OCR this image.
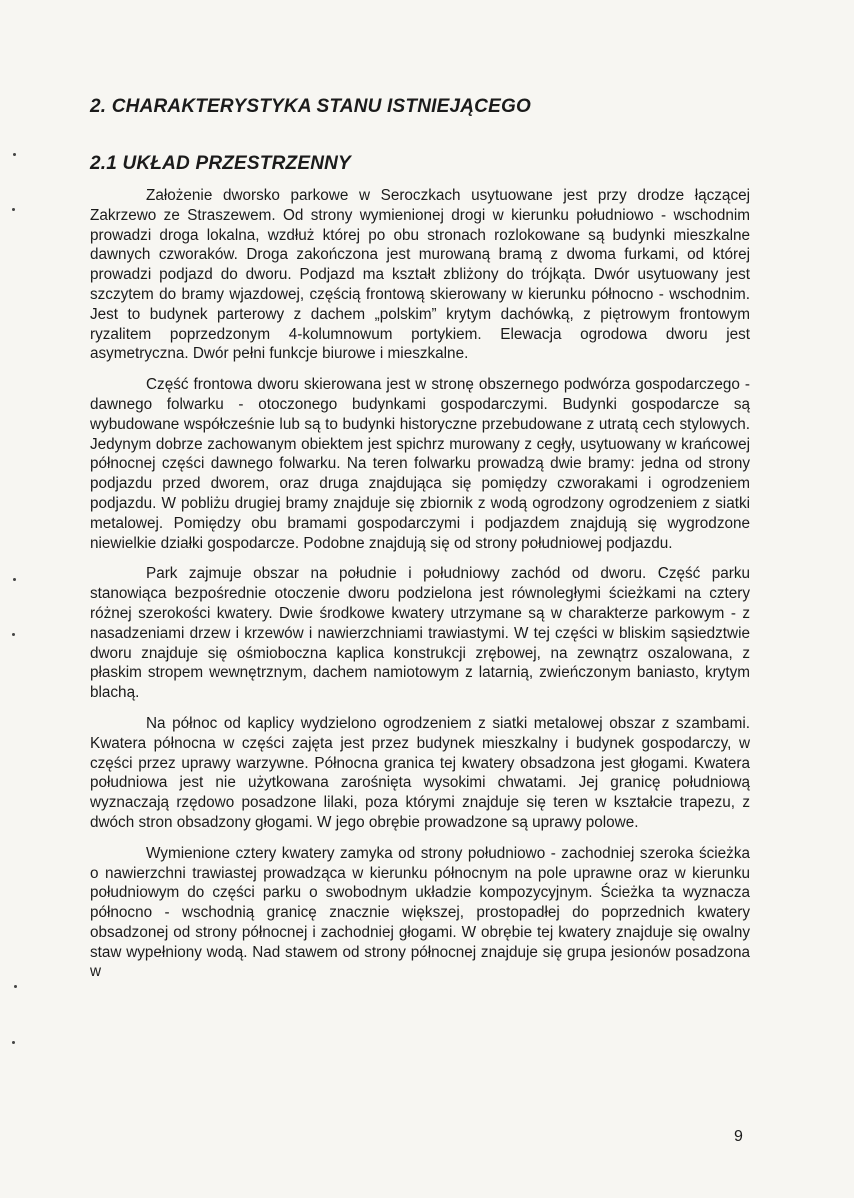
2. CHARAKTERYSTYKA STANU ISTNIEJĄCEGO
2.1 UKŁAD PRZESTRZENNY

Założenie dworsko parkowe w Seroczkach usytuowane jest przy drodze łączącej Zakrzewo ze Straszewem. Od strony wymienionej drogi w kierunku południowo - wschodnim prowadzi droga lokalna, wzdłuż której po obu stronach rozlokowane są budynki mieszkalne dawnych czworaków. Droga zakończona jest murowaną bramą z dwoma furkami, od której prowadzi podjazd do dworu. Podjazd ma kształt zbliżony do trójkąta. Dwór usytuowany jest szczytem do bramy wjazdowej, częścią frontową skierowany w kierunku północno - wschodnim. Jest to budynek parterowy z dachem „polskim” krytym dachówką, z piętrowym frontowym ryzalitem poprzedzonym 4-kolumnowum portykiem. Elewacja ogrodowa dworu jest asymetryczna. Dwór pełni funkcje biurowe i mieszkalne.

Część frontowa dworu skierowana jest w stronę obszernego podwórza gospodarczego - dawnego folwarku - otoczonego budynkami gospodarczymi. Budynki gospodarcze są wybudowane współcześnie lub są to budynki historyczne przebudowane z utratą cech stylowych. Jedynym dobrze zachowanym obiektem jest spichrz murowany z cegły, usytuowany w krańcowej północnej części dawnego folwarku. Na teren folwarku prowadzą dwie bramy: jedna od strony podjazdu przed dworem, oraz druga znajdująca się pomiędzy czworakami i ogrodzeniem podjazdu. W pobliżu drugiej bramy znajduje się zbiornik z wodą ogrodzony ogrodzeniem z siatki metalowej. Pomiędzy obu bramami gospodarczymi i podjazdem znajdują się wygrodzone niewielkie działki gospodarcze. Podobne znajdują się od strony południowej podjazdu.

Park zajmuje obszar na południe i południowy zachód od dworu. Część parku stanowiąca bezpośrednie otoczenie dworu podzielona jest równoległymi ścieżkami na cztery różnej szerokości kwatery. Dwie środkowe kwatery utrzymane są w charakterze parkowym - z nasadzeniami drzew i krzewów i nawierzchniami trawiastymi. W tej części w bliskim sąsiedztwie dworu znajduje się ośmioboczna kaplica konstrukcji zrębowej, na zewnątrz oszalowana, z płaskim stropem wewnętrznym, dachem namiotowym z latarnią, zwieńczonym baniasto, krytym blachą.

Na północ od kaplicy wydzielono ogrodzeniem z siatki metalowej obszar z szambami. Kwatera północna w części zajęta jest przez budynek mieszkalny i budynek gospodarczy, w części przez uprawy warzywne. Północna granica tej kwatery obsadzona jest głogami. Kwatera południowa jest nie użytkowana zarośnięta wysokimi chwatami. Jej granicę południową wyznaczają rzędowo posadzone lilaki, poza którymi znajduje się teren w kształcie trapezu, z dwóch stron obsadzony głogami. W jego obrębie prowadzone są uprawy polowe.

Wymienione cztery kwatery zamyka od strony południowo - zachodniej szeroka ścieżka o nawierzchni trawiastej prowadząca w kierunku północnym na pole uprawne oraz w kierunku południowym do części parku o swobodnym układzie kompozycyjnym. Ścieżka ta wyznacza północno - wschodnią granicę znacznie większej, prostopadłej do poprzednich kwatery obsadzonej od strony północnej i zachodniej głogami. W obrębie tej kwatery znajduje się owalny staw wypełniony wodą. Nad stawem od strony północnej znajduje się grupa jesionów posadzona w

9
